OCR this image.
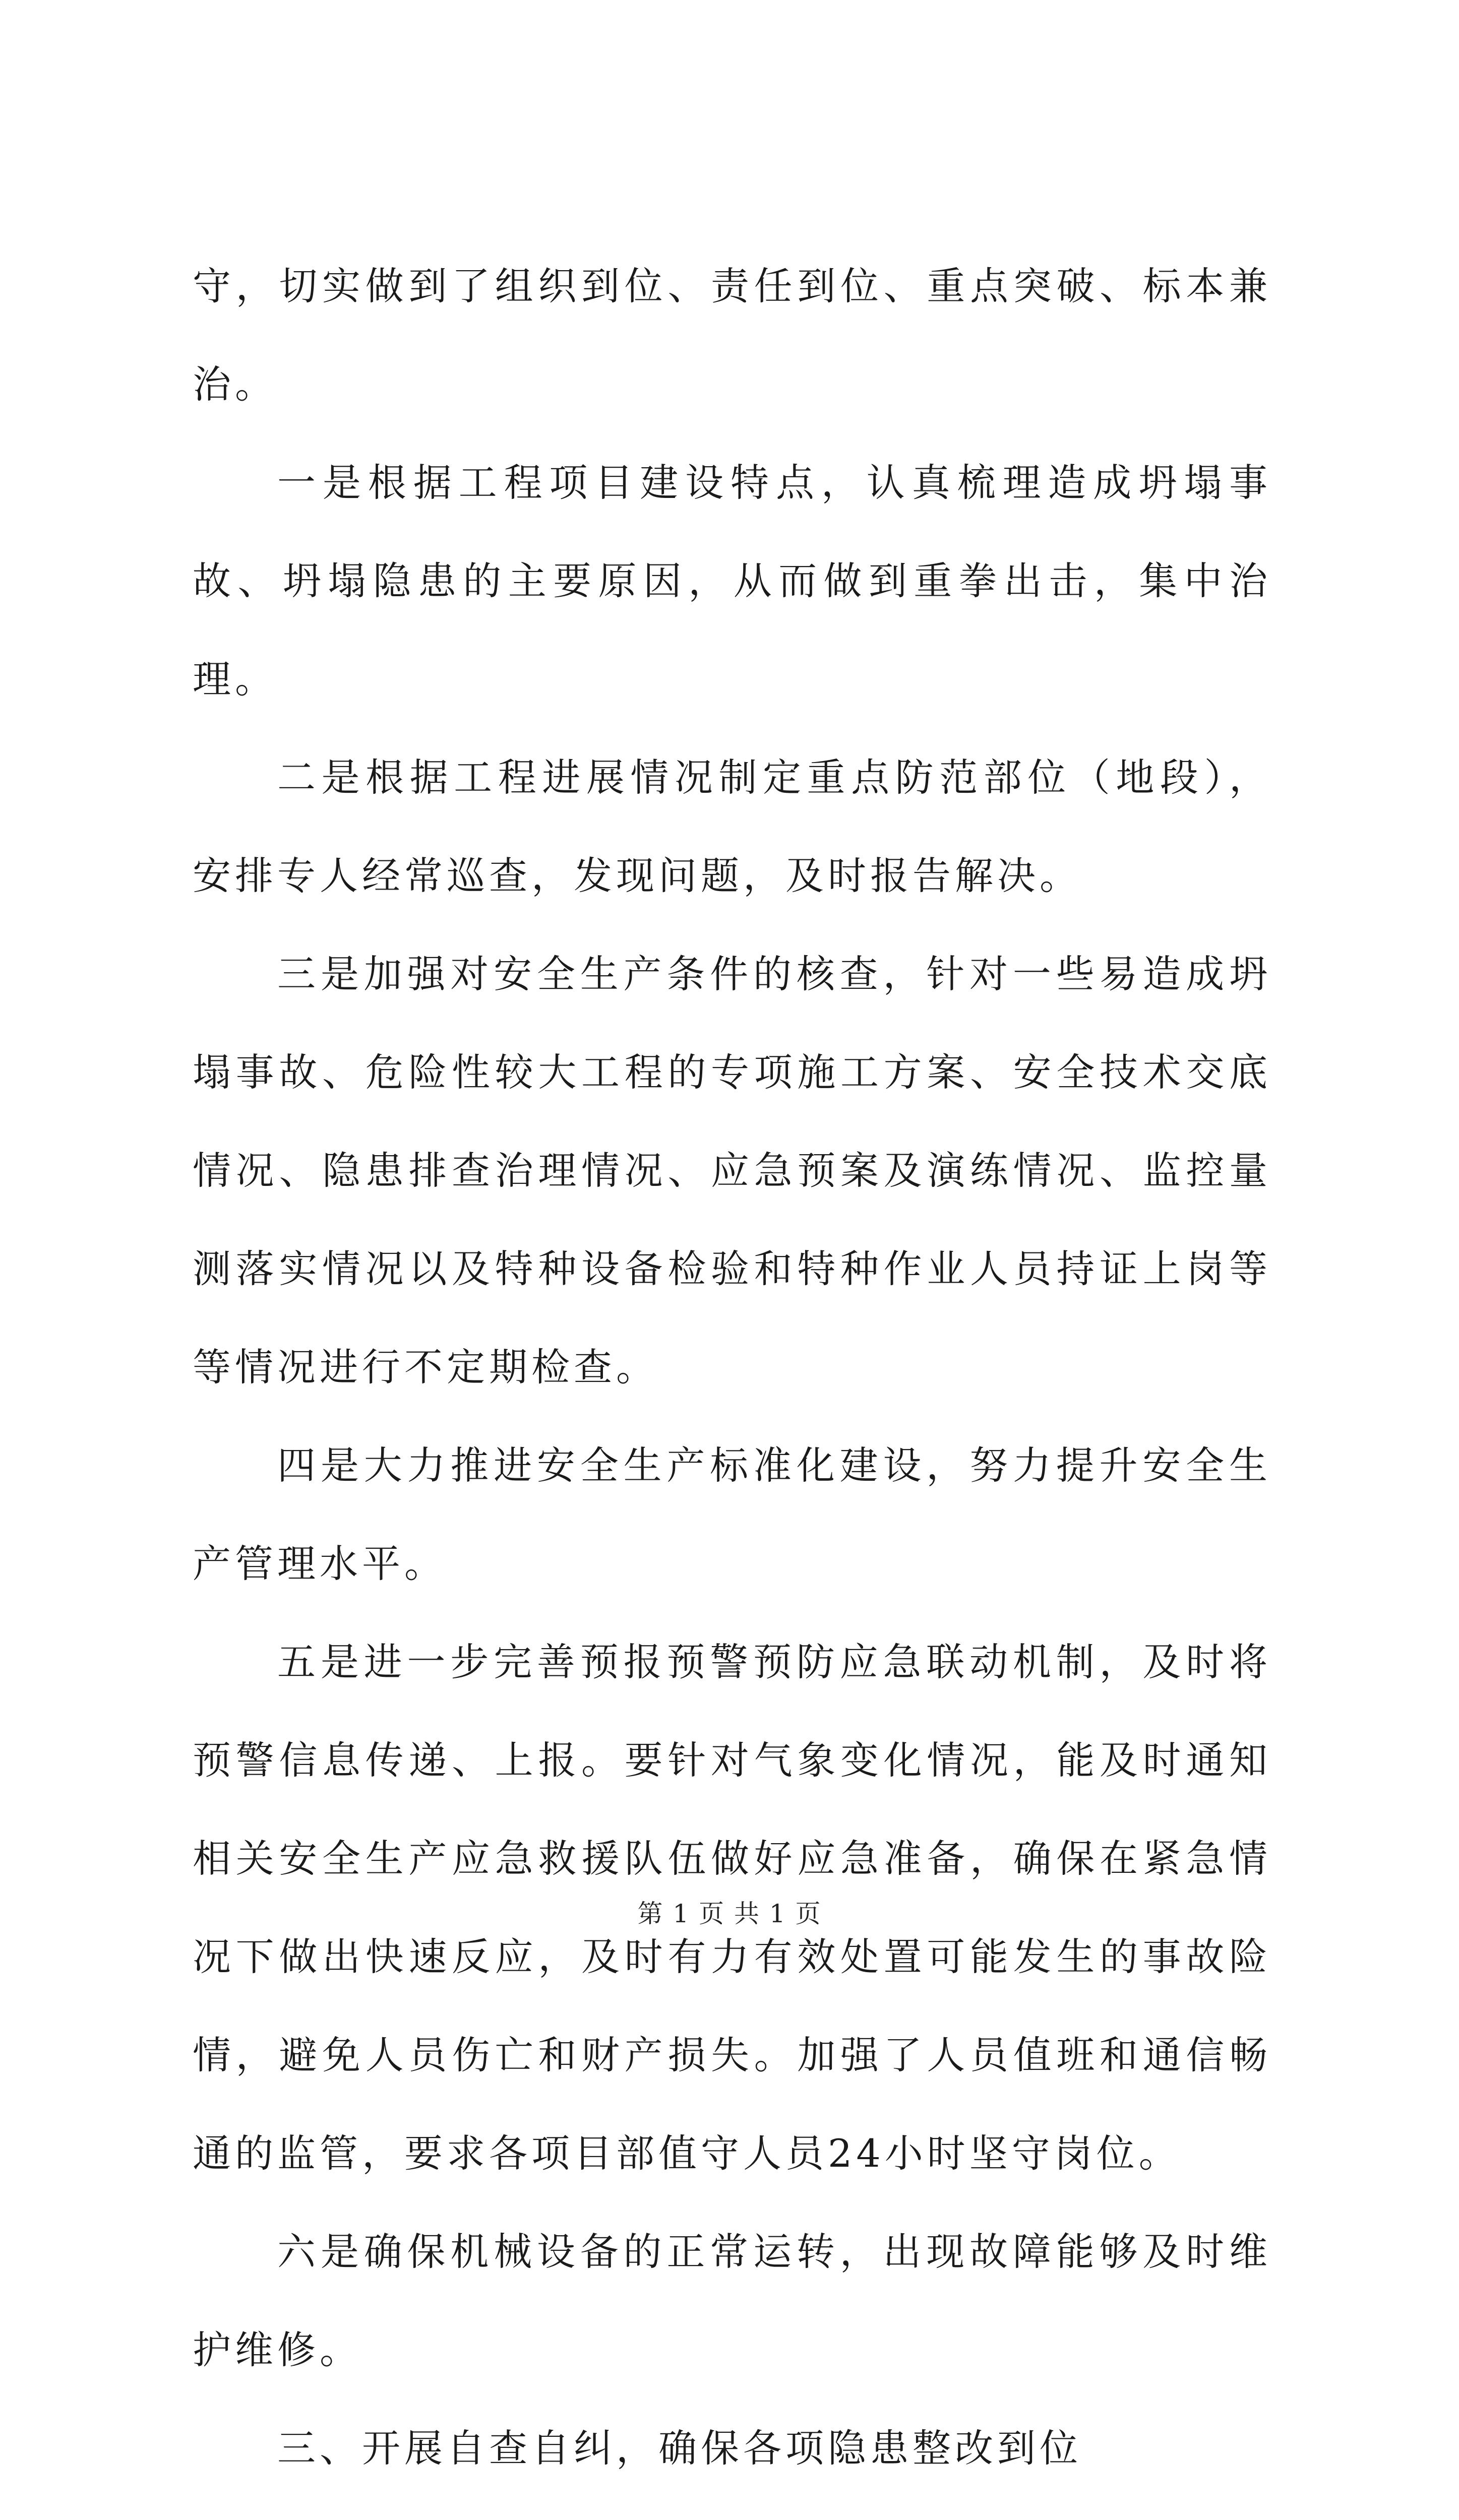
守，切实做到了组织到位、责任到位、重点突破、标本兼治。

一是根据工程项目建设特点，认真梳理造成坍塌事故、坍塌隐患的主要原因，从而做到重拳出击，集中治理。

二是根据工程进展情况制定重点防范部位（地段），安排专人经常巡查，发现问题，及时报告解决。

三是加强对安全生产条件的核查，针对一些易造成坍塌事故、危险性较大工程的专项施工方案、安全技术交底情况、隐患排查治理情况、应急预案及演练情况、监控量测落实情况以及特种设备检验和特种作业人员持证上岗等等情况进行不定期检查。

四是大力推进安全生产标准化建设，努力提升安全生产管理水平。

五是进一步完善预报预警预防应急联动机制，及时将预警信息传递、上报。要针对气象变化情况，能及时通知相关安全生产应急救援队伍做好应急准备，确保在紧急情况下做出快速反应，及时有力有效处置可能发生的事故险情，避免人员伤亡和财产损失。加强了人员值班和通信畅通的监管，要求各项目部值守人员24小时坚守岗位。

六是确保机械设备的正常运转，出现故障能够及时维护维修。

三、开展自查自纠，确保各项隐患整改到位

第 1 页 共 1 页
